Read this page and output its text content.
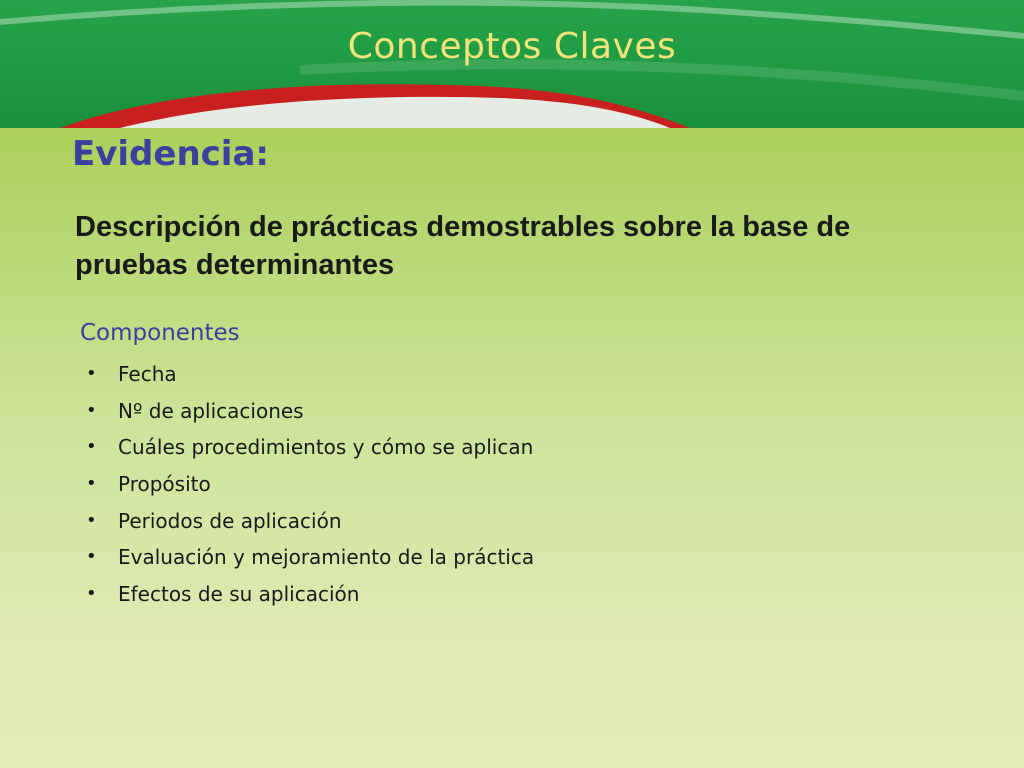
Conceptos Claves
Evidencia:

Descripción de prácticas demostrables sobre la base de pruebas determinantes

Componentes
• Fecha
• Nº de aplicaciones
• Cuáles procedimientos y cómo se aplican
• Propósito
• Periodos de aplicación
• Evaluación y mejoramiento de la práctica
• Efectos de su aplicación
